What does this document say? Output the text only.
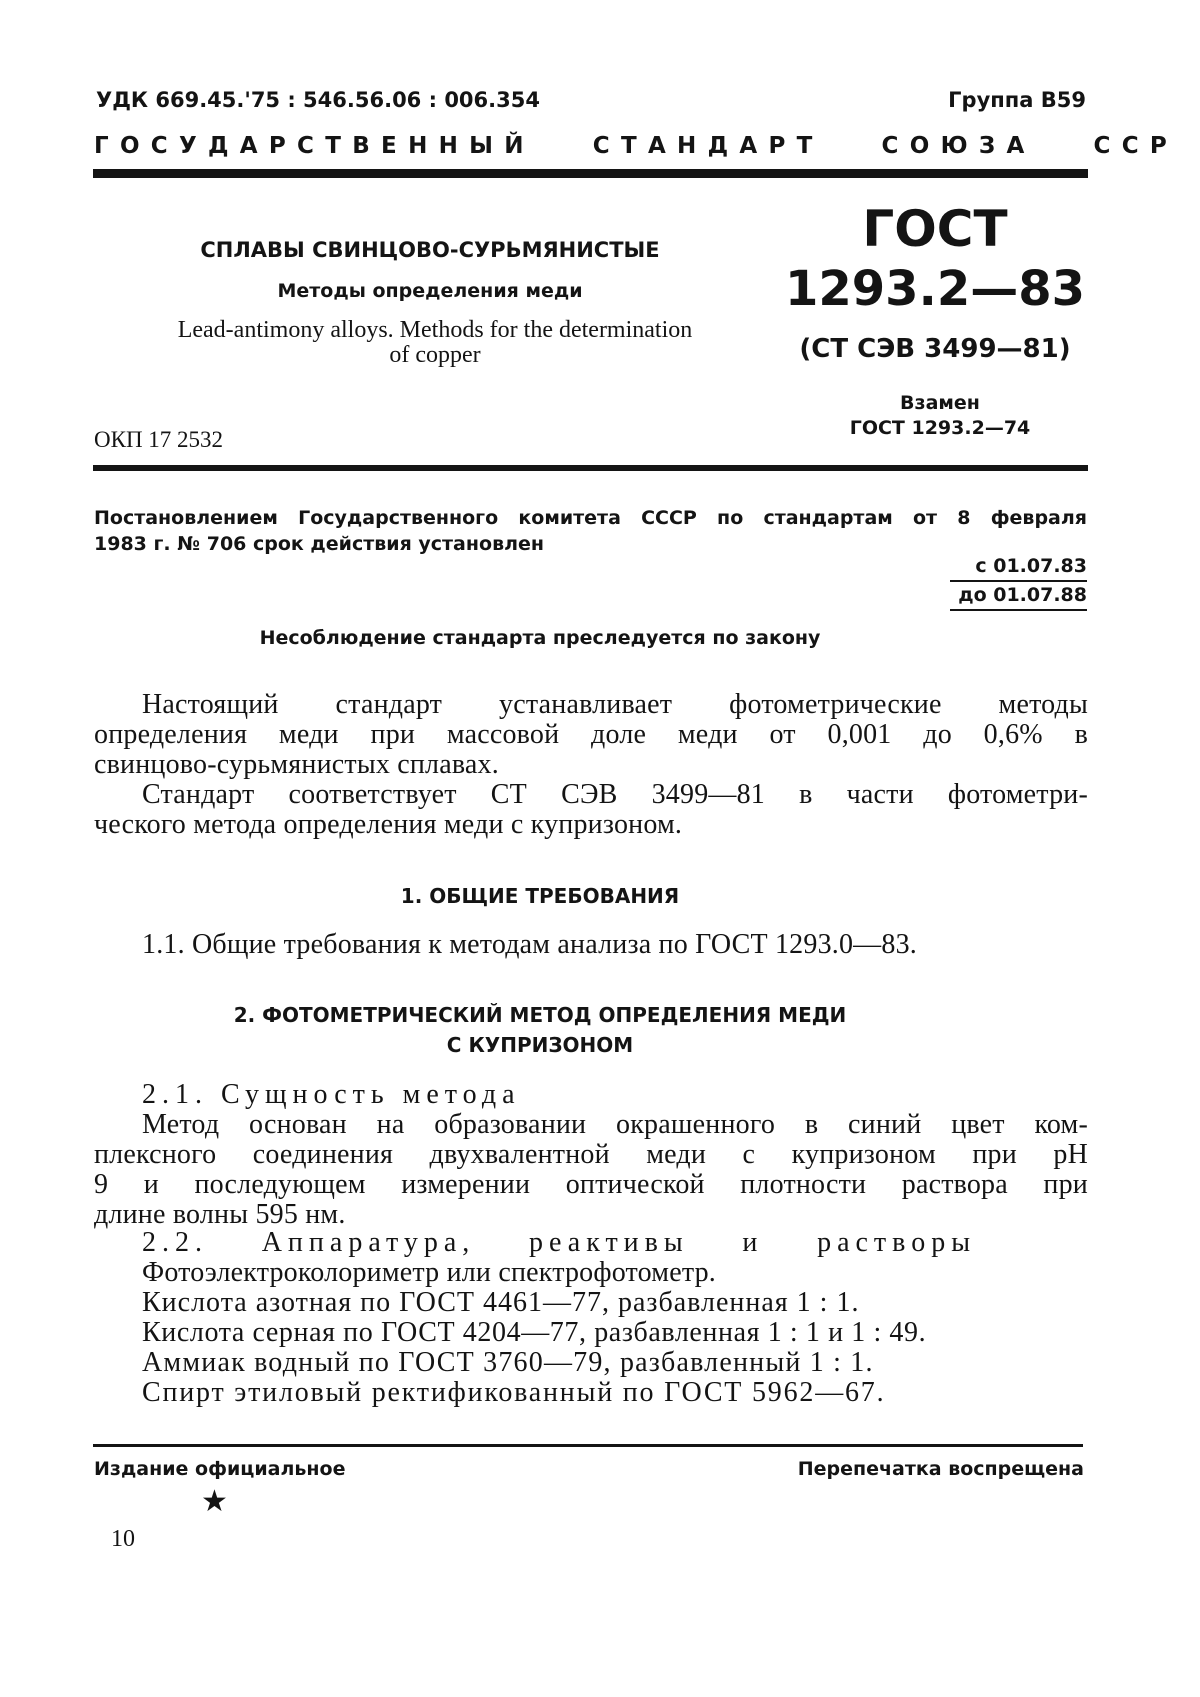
УДК 669.45.'75 : 546.56.06 : 006.354	Группа В59
ГОСУДАРСТВЕННЫЙ   СТАНДАРТ   СОЮЗА   ССР
СПЛАВЫ СВИНЦОВО-СУРЬМЯНИСТЫЕ
Методы определения меди
Lead-antimony alloys. Methods for the determination
of copper
ОКП 17 2532
ГОСТ
1293.2—83
(СТ СЭВ 3499—81)
Взамен
ГОСТ 1293.2—74
Постановлением Государственного комитета СССР по стандартам от 8 февраля
1983 г. № 706 срок действия установлен
с 01.07.83
до 01.07.88
Несоблюдение стандарта преследуется по закону
Настоящий стандарт устанавливает фотометрические методы
определения меди при массовой доле меди от 0,001 до 0,6% в
свинцово-сурьмянистых сплавах.
Стандарт соответствует СТ СЭВ 3499—81 в части фотометри-
ческого метода определения меди с купризоном.
1. ОБЩИЕ ТРЕБОВАНИЯ
1.1. Общие требования к методам анализа по ГОСТ 1293.0—83.
2. ФОТОМЕТРИЧЕСКИЙ МЕТОД ОПРЕДЕЛЕНИЯ МЕДИ
С КУПРИЗОНОМ
2.1. Сущность метода
Метод основан на образовании окрашенного в синий цвет ком-
плексного соединения двухвалентной меди с купризоном при pH
9 и последующем измерении оптической плотности раствора при
длине волны 595 нм.
2.2. Аппаратура, реактивы и растворы
Фотоэлектроколориметр или спектрофотометр.
Кислота азотная по ГОСТ 4461—77, разбавленная 1 : 1.
Кислота серная по ГОСТ 4204—77, разбавленная 1 : 1 и 1 : 49.
Аммиак водный по ГОСТ 3760—79, разбавленный 1 : 1.
Спирт этиловый ректификованный по ГОСТ 5962—67.
Издание официальное	Перепечатка воспрещена
★
10
